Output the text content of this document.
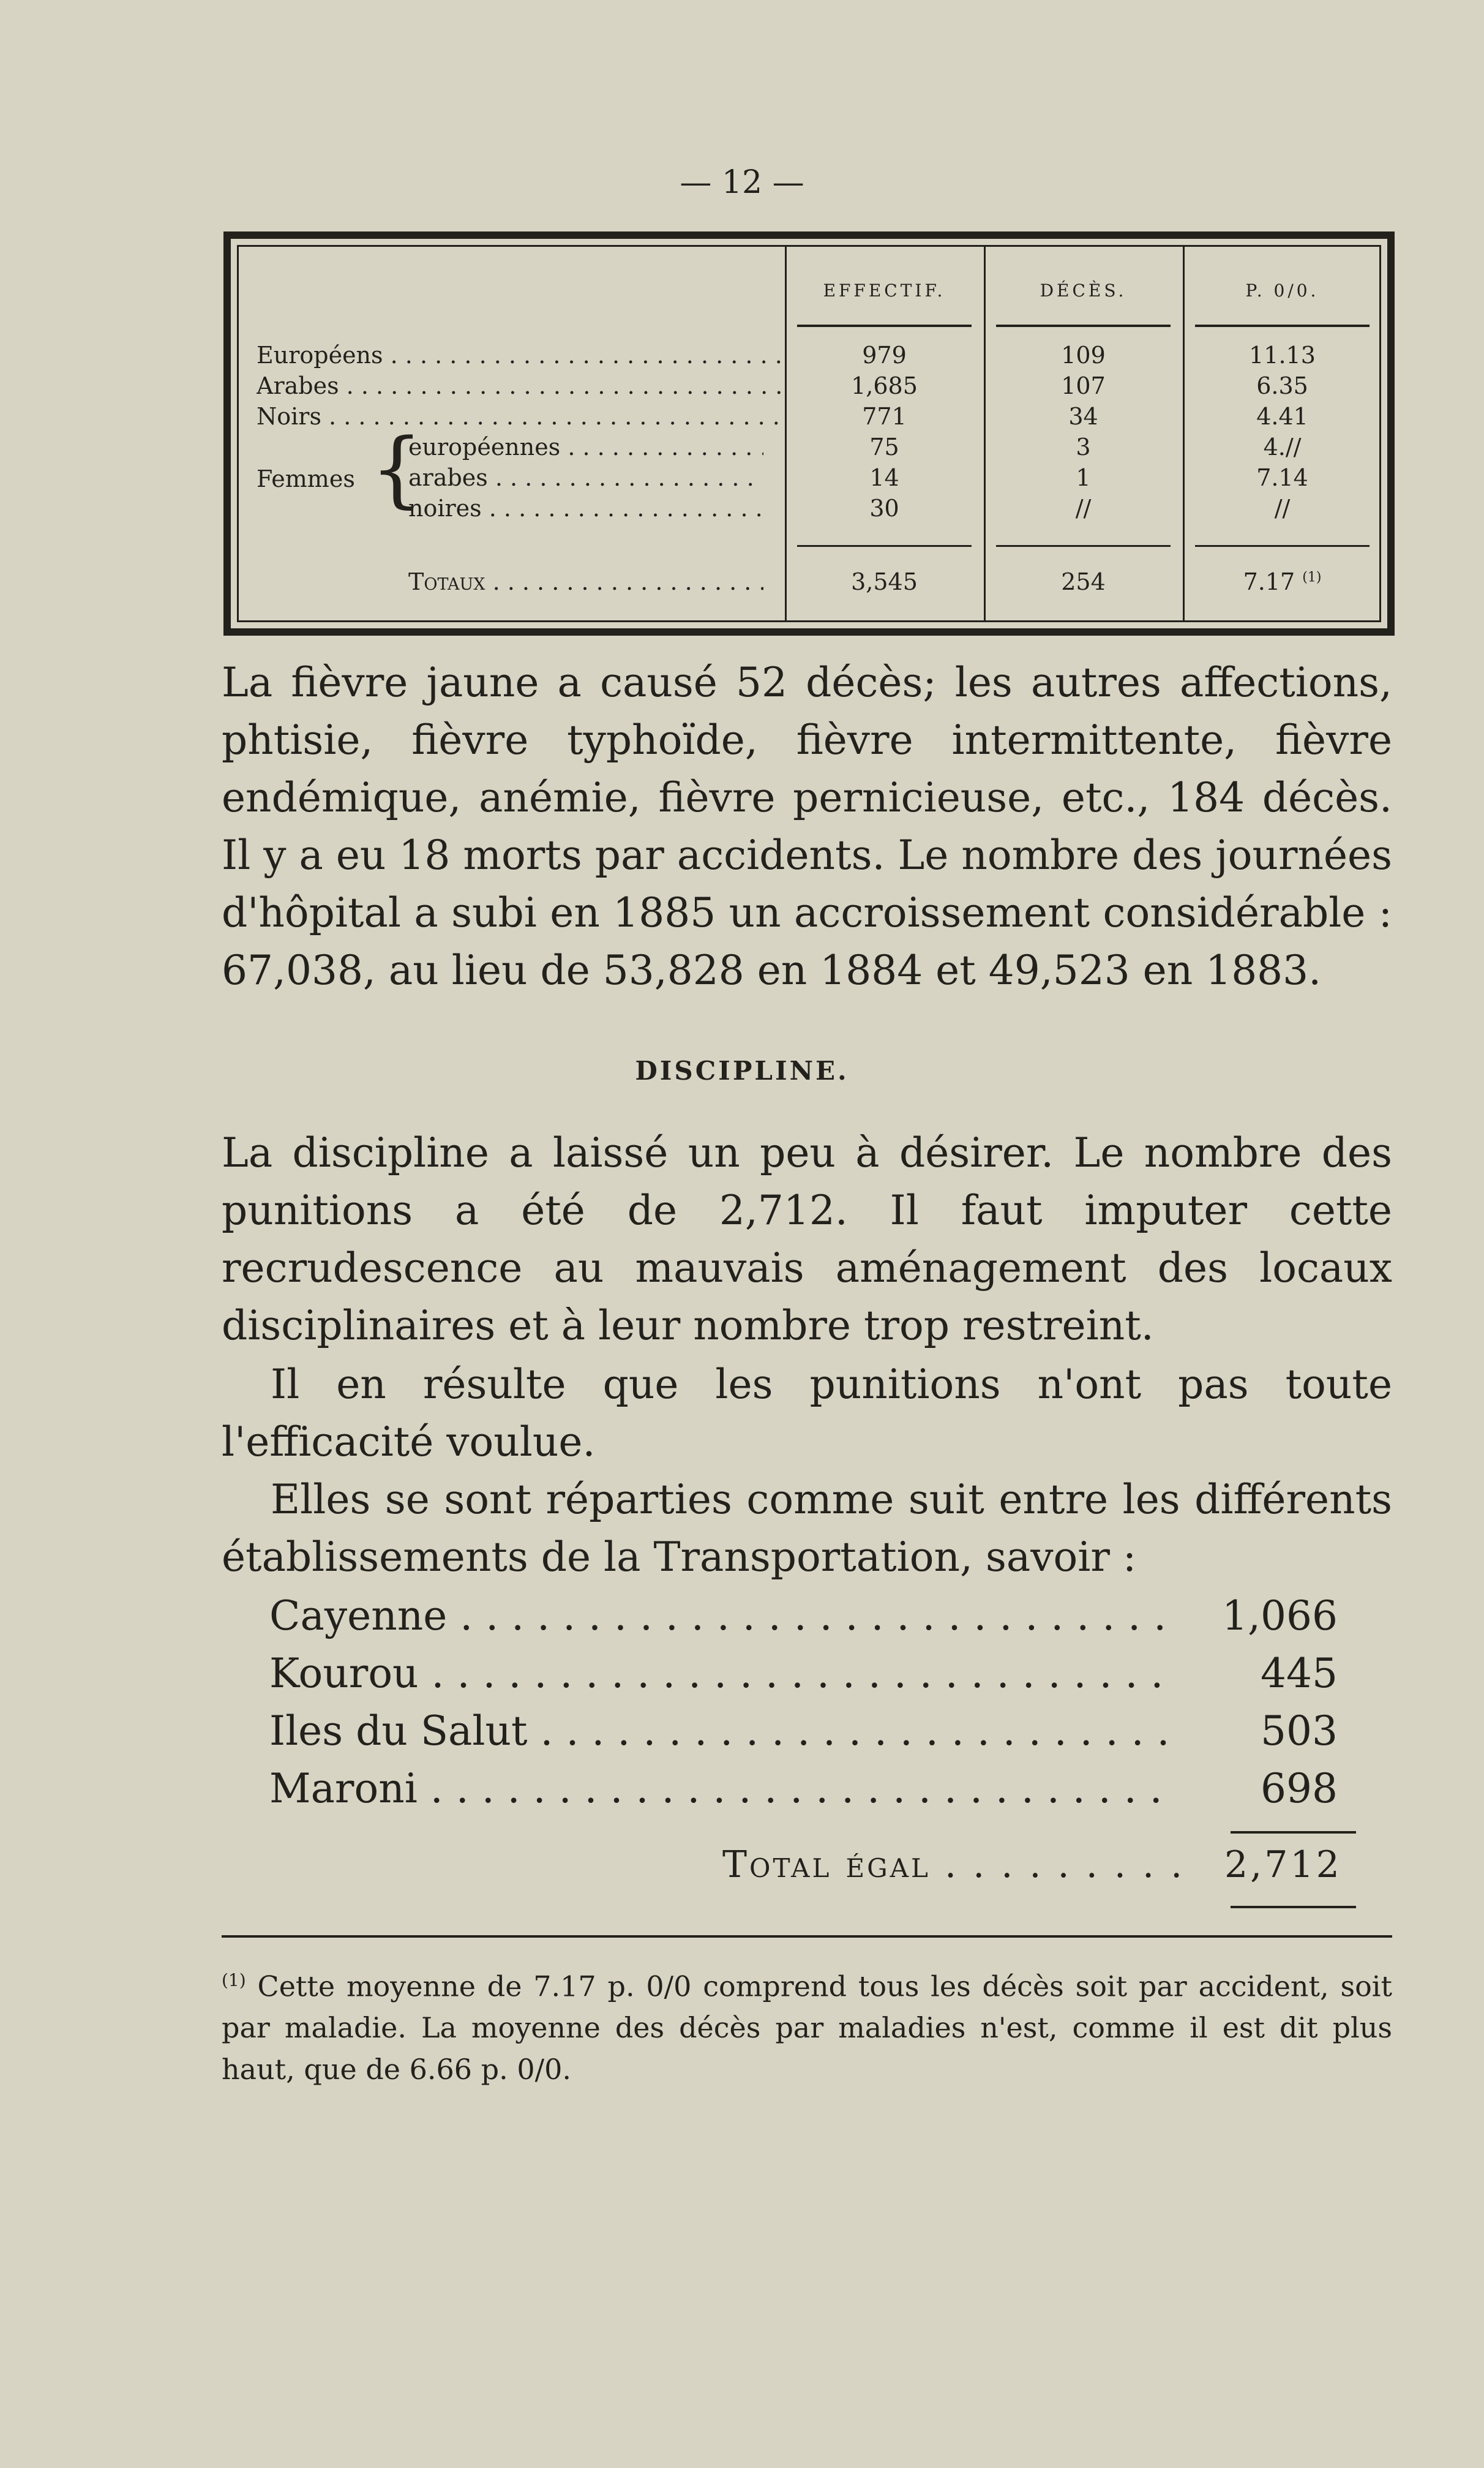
— 12 —
EFFECTIF.	DÉCÈS.	P. 0/0.
Européens . . .	979	109	11.13
Arabes . . .	1,685	107	6.35
Noirs . . .	771	34	4.41
Femmes {
européennes . . .	75	3	4.//
arabes . . .	14	1	7.14
noires . . .	30	//	//
Totaux . . .	3,545	254	7.17 $^{(1)}$

La fièvre jaune a causé 52 décès; les autres affections, phtisie, fièvre typhoïde, fièvre intermittente, fièvre endémique, anémie, fièvre pernicieuse, etc., 184 décès. Il y a eu 18 morts par accidents. Le nombre des journées d'hôpital a subi en 1885 un accroissement considérable : 67,038, au lieu de 53,828 en 1884 et 49,523 en 1883.

DISCIPLINE.

La discipline a laissé un peu à désirer. Le nombre des punitions a été de 2,712. Il faut imputer cette recrudescence au mauvais aménagement des locaux disciplinaires et à leur nombre trop restreint.

Il en résulte que les punitions n'ont pas toute l'efficacité voulue.

Elles se sont réparties comme suit entre les différents établissements de la Transportation, savoir :

Cayenne . . .	1,066
Kourou . . .	445
Iles du Salut . . .	503
Maroni . . .	698
Total égal . . . . . . . . . 2,712
$^{(1)}$ Cette moyenne de 7.17 p. 0/0 comprend tous les décès soit par accident, soit par maladie. La moyenne des décès par maladies n'est, comme il est dit plus haut, que de 6.66 p. 0/0.
